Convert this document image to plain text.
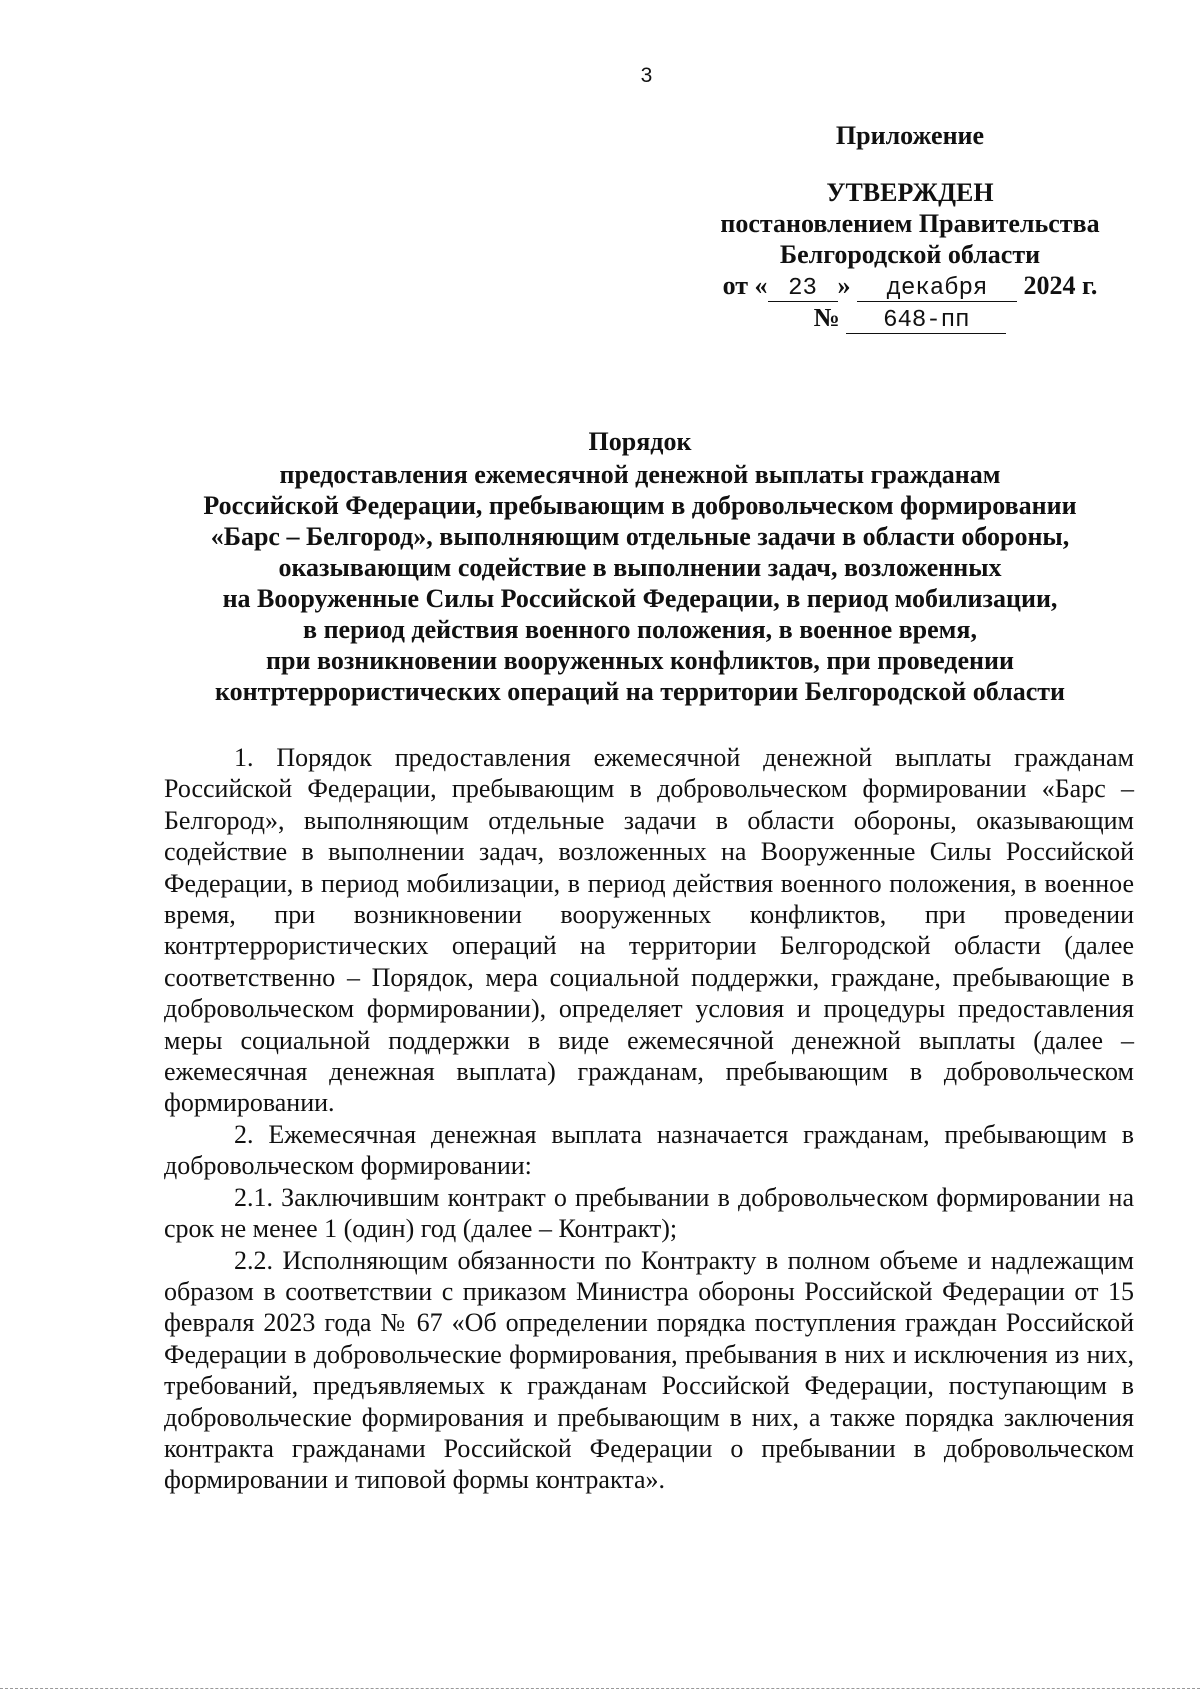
3
Приложение
УТВЕРЖДЕН
постановлением Правительства
Белгородской области
от « 23 » декабря 2024 г.
№ 648-пп
Порядок
предоставления ежемесячной денежной выплаты гражданам
Российской Федерации, пребывающим в добровольческом формировании
«Барс – Белгород», выполняющим отдельные задачи в области обороны,
оказывающим содействие в выполнении задач, возложенных
на Вооруженные Силы Российской Федерации, в период мобилизации,
в период действия военного положения, в военное время,
при возникновении вооруженных конфликтов, при проведении
контртеррористических операций на территории Белгородской области

1. Порядок предоставления ежемесячной денежной выплаты гражданам Российской Федерации, пребывающим в добровольческом формировании «Барс – Белгород», выполняющим отдельные задачи в области обороны, оказывающим содействие в выполнении задач, возложенных на Вооруженные Силы Российской Федерации, в период мобилизации, в период действия военного положения, в военное время, при возникновении вооруженных конфликтов, при проведении контртеррористических операций на территории Белгородской области (далее соответственно – Порядок, мера социальной поддержки, граждане, пребывающие в добровольческом формировании), определяет условия и процедуры предоставления меры социальной поддержки в виде ежемесячной денежной выплаты (далее – ежемесячная денежная выплата) гражданам, пребывающим в добровольческом формировании.

2. Ежемесячная денежная выплата назначается гражданам, пребывающим в добровольческом формировании:

2.1. Заключившим контракт о пребывании в добровольческом формировании на срок не менее 1 (один) год (далее – Контракт);

2.2. Исполняющим обязанности по Контракту в полном объеме и надлежащим образом в соответствии с приказом Министра обороны Российской Федерации от 15 февраля 2023 года № 67 «Об определении порядка поступления граждан Российской Федерации в добровольческие формирования, пребывания в них и исключения из них, требований, предъявляемых к гражданам Российской Федерации, поступающим в добровольческие формирования и пребывающим в них, а также порядка заключения контракта гражданами Российской Федерации о пребывании в добровольческом формировании и типовой формы контракта».
